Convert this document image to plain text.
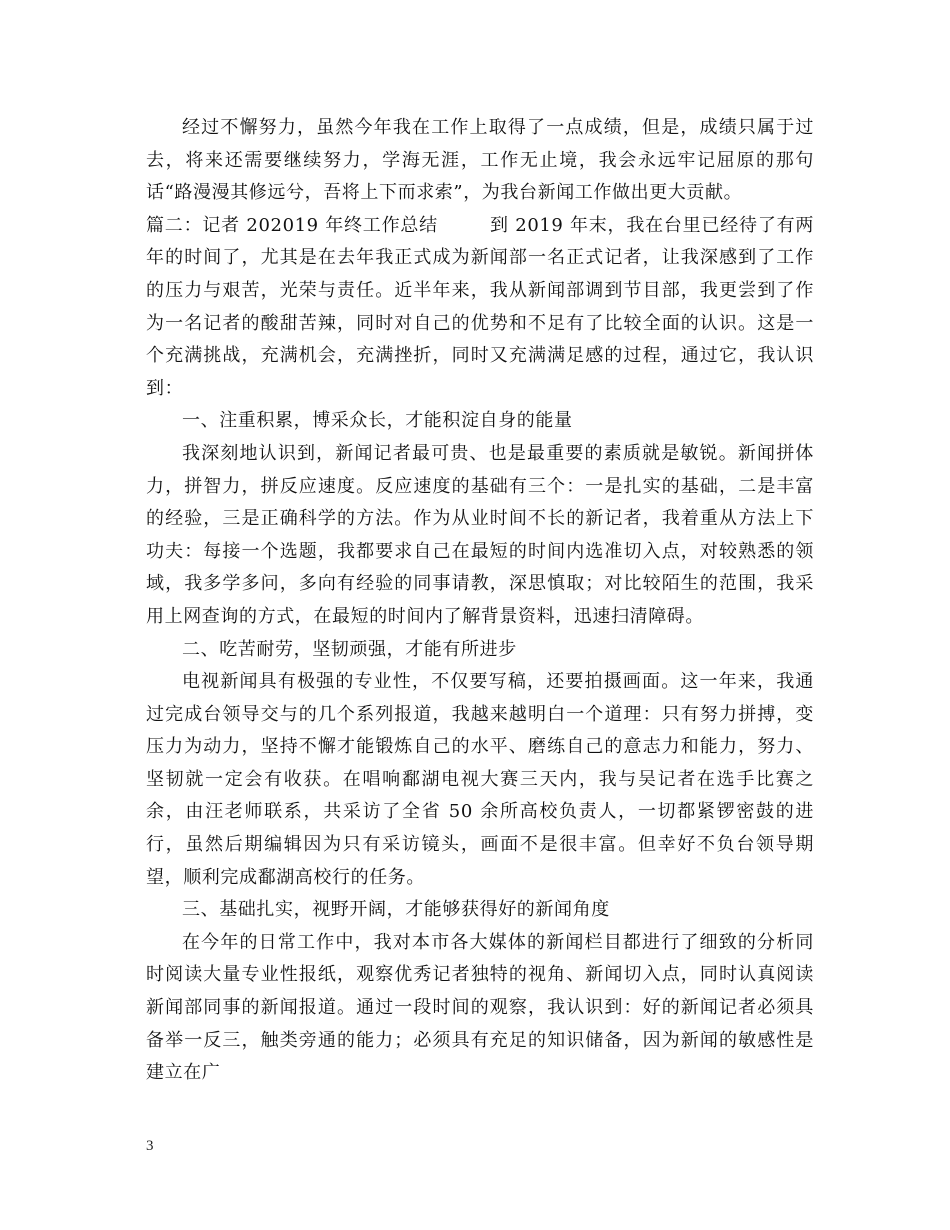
经过不懈努力，虽然今年我在工作上取得了一点成绩，但是，成绩只属于过去，将来还需要继续努力，学海无涯，工作无止境，我会永远牢记屈原的那句话“路漫漫其修远兮，吾将上下而求索”，为我台新闻工作做出更大贡献。

篇二：记者 202019 年终工作总结        到 2019 年末，我在台里已经待了有两年的时间了，尤其是在去年我正式成为新闻部一名正式记者，让我深感到了工作的压力与艰苦，光荣与责任。近半年来，我从新闻部调到节目部，我更尝到了作为一名记者的酸甜苦辣，同时对自己的优势和不足有了比较全面的认识。这是一个充满挑战，充满机会，充满挫折，同时又充满满足感的过程，通过它，我认识到：

一、注重积累，博采众长，才能积淀自身的能量

我深刻地认识到，新闻记者最可贵、也是最重要的素质就是敏锐。新闻拼体力，拼智力，拼反应速度。反应速度的基础有三个：一是扎实的基础，二是丰富的经验，三是正确科学的方法。作为从业时间不长的新记者，我着重从方法上下功夫：每接一个选题，我都要求自己在最短的时间内选准切入点，对较熟悉的领域，我多学多问，多向有经验的同事请教，深思慎取；对比较陌生的范围，我采用上网查询的方式，在最短的时间内了解背景资料，迅速扫清障碍。

二、吃苦耐劳，坚韧顽强，才能有所进步

电视新闻具有极强的专业性，不仅要写稿，还要拍摄画面。这一年来，我通过完成台领导交与的几个系列报道，我越来越明白一个道理：只有努力拼搏，变压力为动力，坚持不懈才能锻炼自己的水平、磨练自己的意志力和能力，努力、坚韧就一定会有收获。在唱响鄱湖电视大赛三天内，我与吴记者在选手比赛之余，由汪老师联系，共采访了全省 50 余所高校负责人，一切都紧锣密鼓的进行，虽然后期编辑因为只有采访镜头，画面不是很丰富。但幸好不负台领导期望，顺利完成鄱湖高校行的任务。

三、基础扎实，视野开阔，才能够获得好的新闻角度

在今年的日常工作中，我对本市各大媒体的新闻栏目都进行了细致的分析同时阅读大量专业性报纸，观察优秀记者独特的视角、新闻切入点，同时认真阅读新闻部同事的新闻报道。通过一段时间的观察，我认识到：好的新闻记者必须具备举一反三，触类旁通的能力；必须具有充足的知识储备，因为新闻的敏感性是建立在广

3
